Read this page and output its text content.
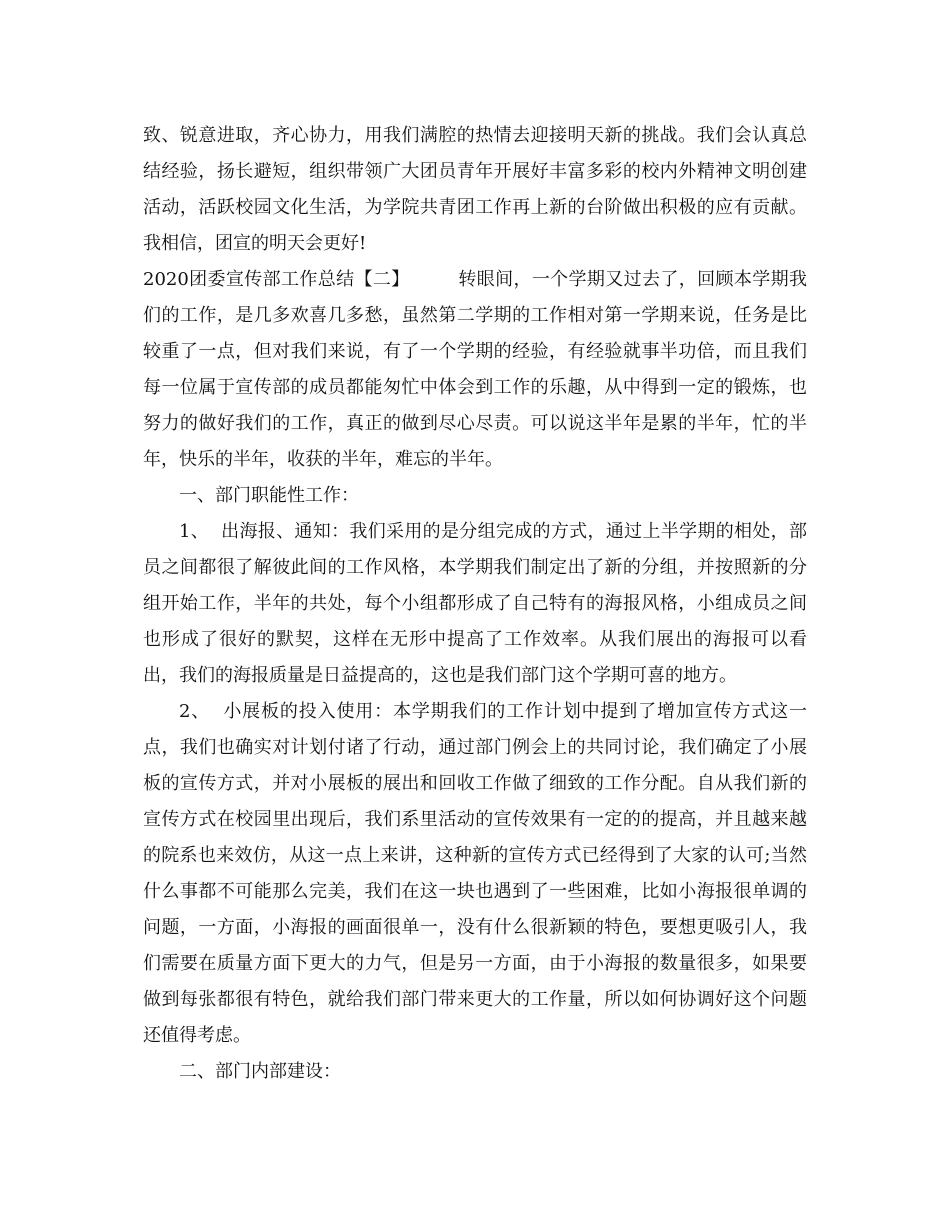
致、锐意进取，齐心协力，用我们满腔的热情去迎接明天新的挑战。我们会认真总结经验，扬长避短，组织带领广大团员青年开展好丰富多彩的校内外精神文明创建活动，活跃校园文化生活，为学院共青团工作再上新的台阶做出积极的应有贡献。我相信，团宣的明天会更好!

2020团委宣传部工作总结【二】        转眼间，一个学期又过去了，回顾本学期我们的工作，是几多欢喜几多愁，虽然第二学期的工作相对第一学期来说，任务是比较重了一点，但对我们来说，有了一个学期的经验，有经验就事半功倍，而且我们每一位属于宣传部的成员都能匆忙中体会到工作的乐趣，从中得到一定的锻炼，也努力的做好我们的工作，真正的做到尽心尽责。可以说这半年是累的半年，忙的半年，快乐的半年，收获的半年，难忘的半年。

一、部门职能性工作：

1、  出海报、通知：我们采用的是分组完成的方式，通过上半学期的相处，部员之间都很了解彼此间的工作风格，本学期我们制定出了新的分组，并按照新的分组开始工作，半年的共处，每个小组都形成了自己特有的海报风格，小组成员之间也形成了很好的默契，这样在无形中提高了工作效率。从我们展出的海报可以看出，我们的海报质量是日益提高的，这也是我们部门这个学期可喜的地方。

2、  小展板的投入使用：本学期我们的工作计划中提到了增加宣传方式这一点，我们也确实对计划付诸了行动，通过部门例会上的共同讨论，我们确定了小展板的宣传方式，并对小展板的展出和回收工作做了细致的工作分配。自从我们新的宣传方式在校园里出现后，我们系里活动的宣传效果有一定的的提高，并且越来越的院系也来效仿，从这一点上来讲，这种新的宣传方式已经得到了大家的认可;当然什么事都不可能那么完美，我们在这一块也遇到了一些困难，比如小海报很单调的问题，一方面，小海报的画面很单一，没有什么很新颖的特色，要想更吸引人，我们需要在质量方面下更大的力气，但是另一方面，由于小海报的数量很多，如果要做到每张都很有特色，就给我们部门带来更大的工作量，所以如何协调好这个问题还值得考虑。

二、部门内部建设：
